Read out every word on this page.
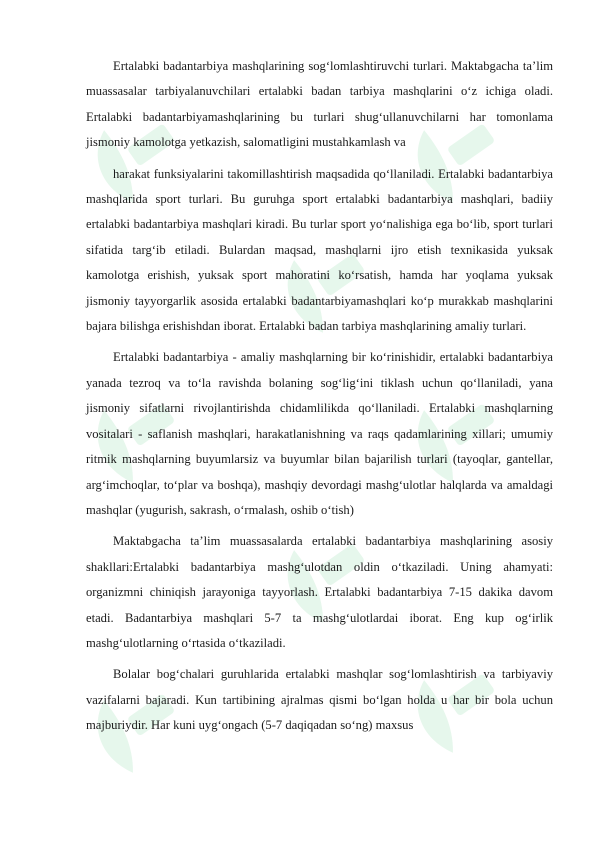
Ertalabki badantarbiya mashqlarining sog‘lomlashtiruvchi turlari. Maktabgacha ta’lim muassasalar tarbiyalanuvchilari ertalabki badan tarbiya mashqlarini o‘z ichiga oladi. Ertalabki badantarbiyamashqlarining bu turlari shug‘ullanuvchilarni har tomonlama jismoniy kamolotga yetkazish, salomatligini mustahkamlash va

harakat funksiyalarini takomillashtirish maqsadida qo‘llaniladi. Ertalabki badantarbiya mashqlarida sport turlari. Bu guruhga sport ertalabki badantarbiya mashqlari, badiiy ertalabki badantarbiya mashqlari kiradi. Bu turlar sport yo‘nalishiga ega bo‘lib, sport turlari sifatida targ‘ib etiladi. Bulardan maqsad, mashqlarni ijro etish texnikasida yuksak kamolotga erishish, yuksak sport mahoratini ko‘rsatish, hamda har yoqlama yuksak jismoniy tayyorgarlik asosida ertalabki badantarbiyamashqlari ko‘p murakkab mashqlarini bajara bilishga erishishdan iborat. Ertalabki badan tarbiya mashqlarining amaliy turlari.

Ertalabki badantarbiya - amaliy mashqlarning bir ko‘rinishidir, ertalabki badantarbiya yanada tezroq va to‘la ravishda bolaning sog‘lig‘ini tiklash uchun qo‘llaniladi, yana jismoniy sifatlarni rivojlantirishda chidamlilikda qo‘llaniladi. Ertalabki mashqlarning vositalari - saflanish mashqlari, harakatlanishning va raqs qadamlarining xillari; umumiy ritmik mashqlarning buyumlarsiz va buyumlar bilan bajarilish turlari (tayoqlar, gantellar, arg‘imchoqlar, to‘plar va boshqa), mashqiy devordagi mashg‘ulotlar halqlarda va amaldagi mashqlar (yugurish, sakrash, o‘rmalash, oshib o‘tish)

Maktabgacha ta’lim muassasalarda ertalabki badantarbiya mashqlarining asosiy shakllari:Ertalabki badantarbiya mashg‘ulotdan oldin o‘tkaziladi. Uning ahamyati: organizmni chiniqish jarayoniga tayyorlash. Ertalabki badantarbiya 7-15 dakika davom etadi. Badantarbiya mashqlari 5-7 ta mashg‘ulotlardai iborat. Eng kup og‘irlik mashg‘ulotlarning o‘rtasida o‘tkaziladi.

Bolalar bog‘chalari guruhlarida ertalabki mashqlar sog‘lomlashtirish va tarbiyaviy vazifalarni bajaradi. Kun tartibining ajralmas qismi bo‘lgan holda u har bir bola uchun majburiydir. Har kuni uyg‘ongach (5-7 daqiqadan so‘ng) maxsus
